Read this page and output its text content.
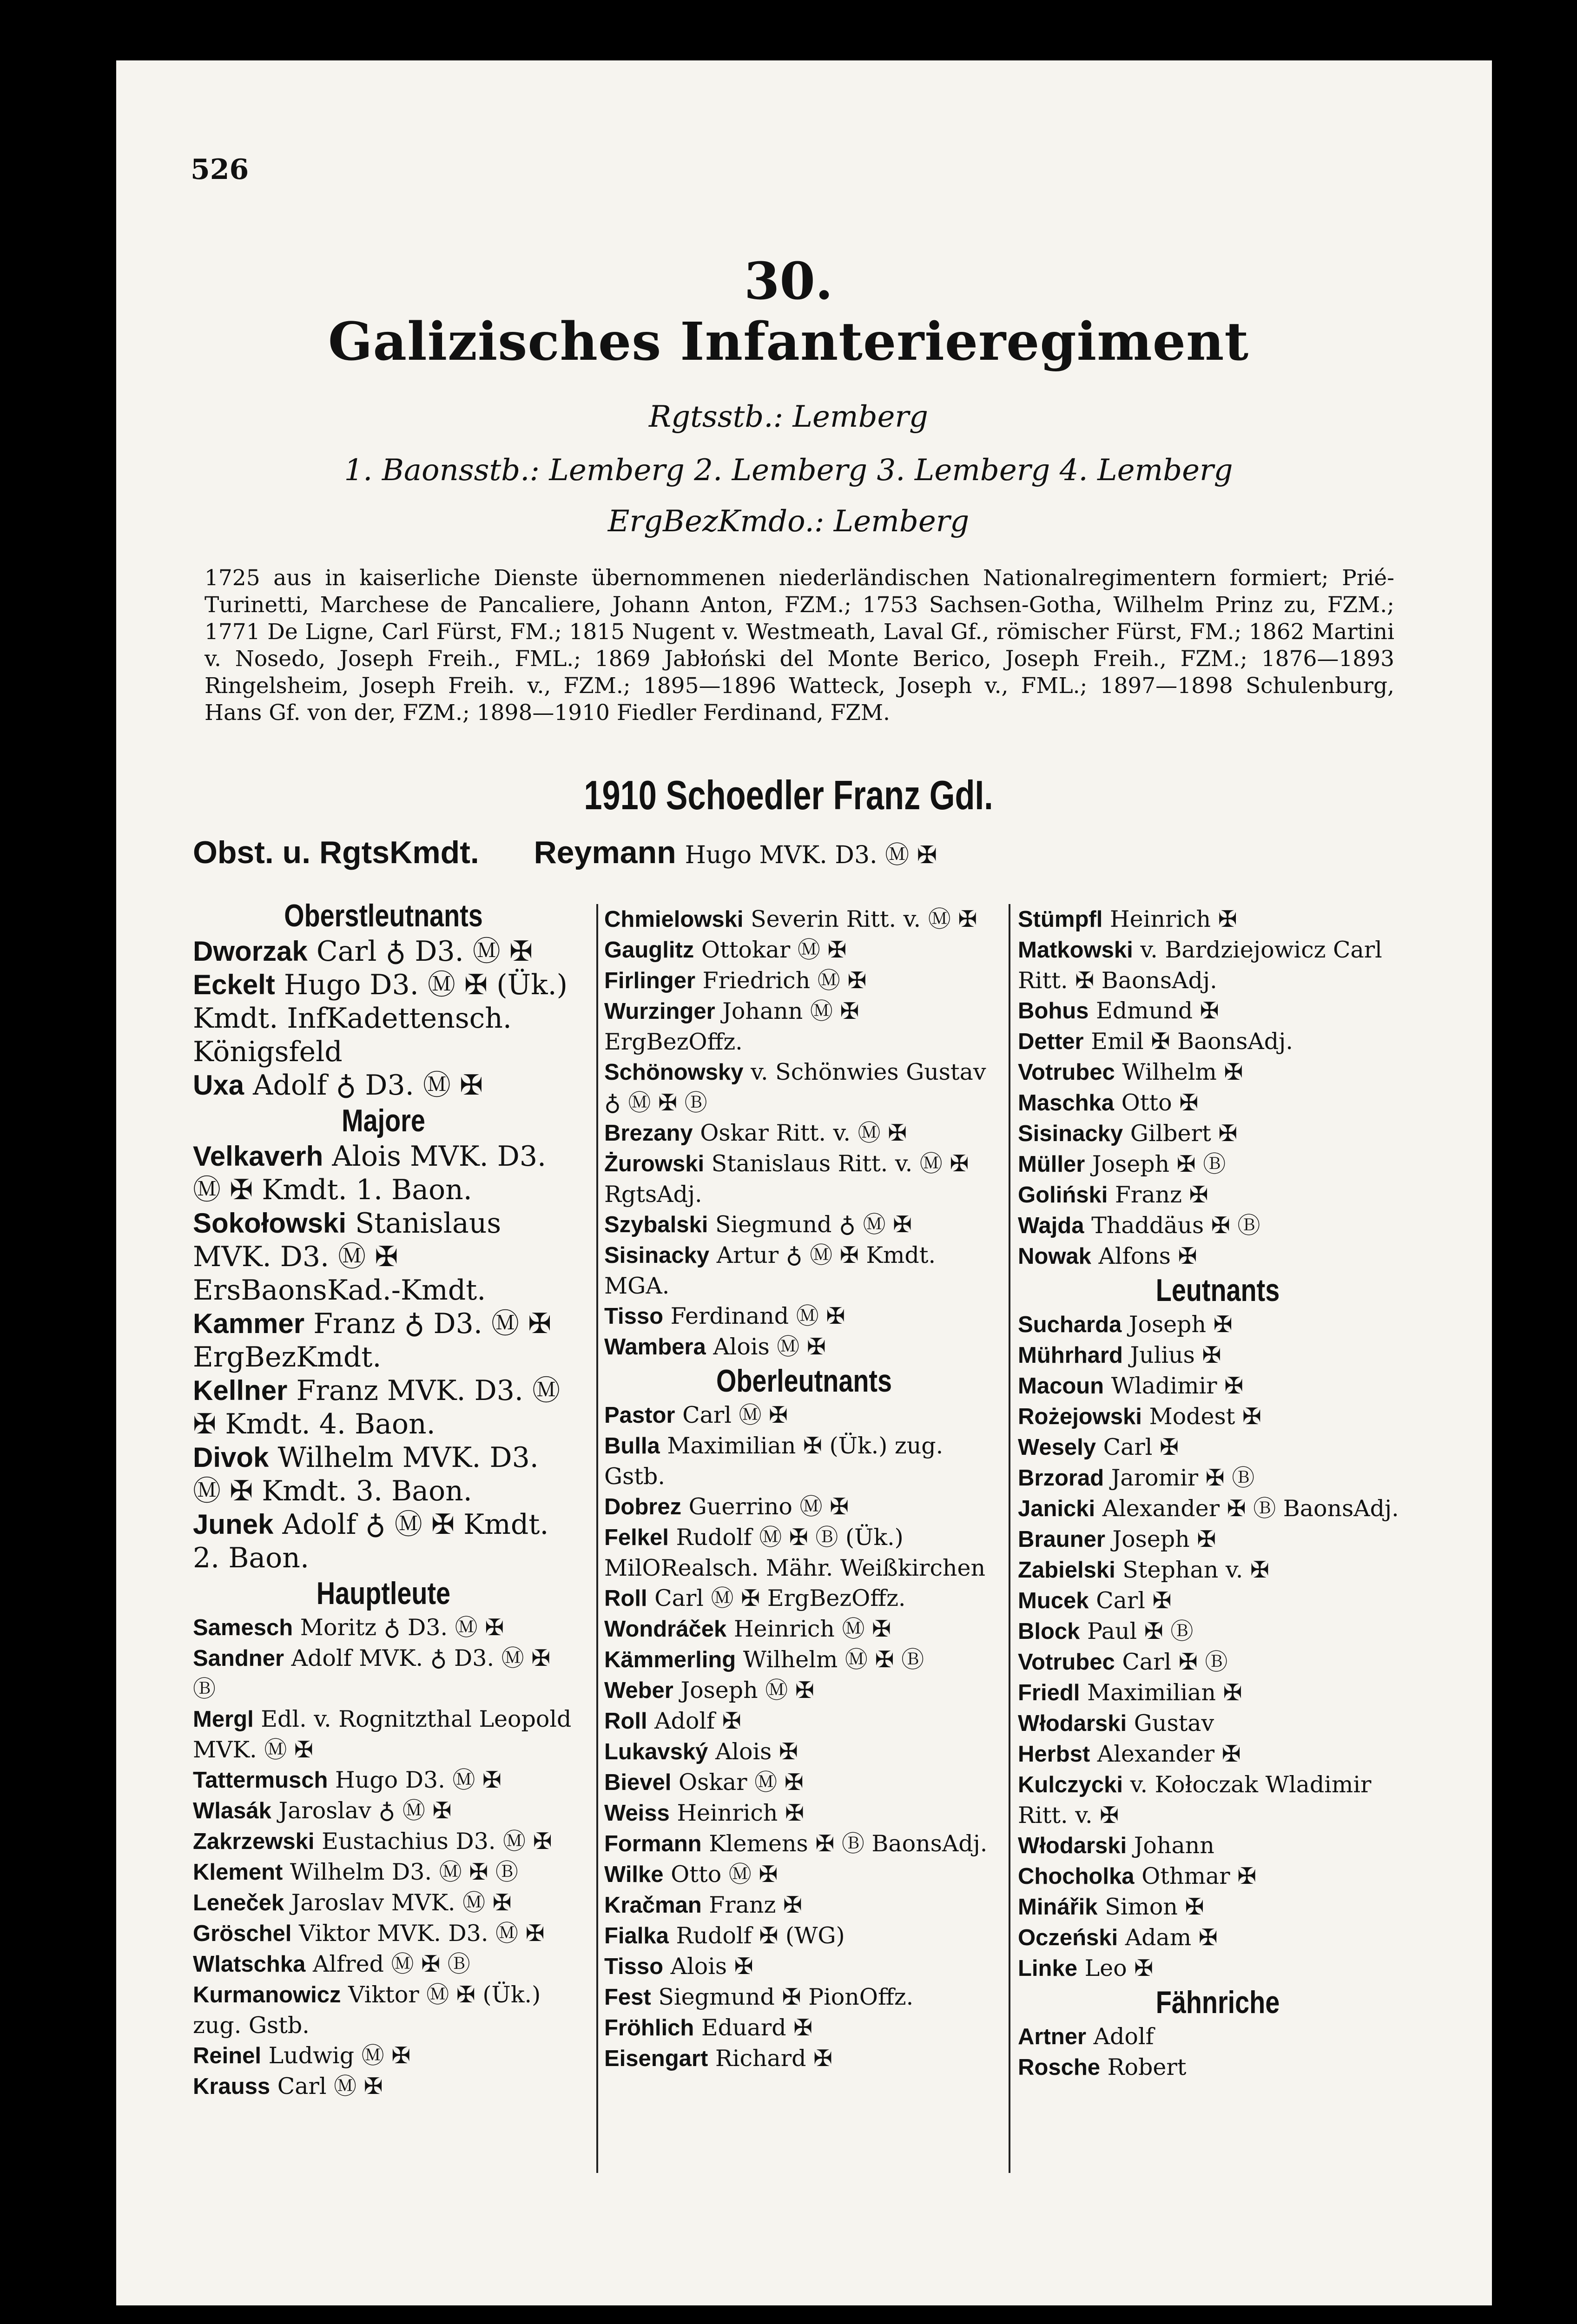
526
30.
Galizisches Infanterieregiment
Rgtsstb.: Lemberg
1. Baonsstb.: Lemberg 2. Lemberg 3. Lemberg 4. Lemberg
ErgBezKmdo.: Lemberg
1725 aus in kaiserliche Dienste übernommenen niederländischen Nationalregimentern formiert; Prié-Turinetti, Marchese de Pancaliere, Johann Anton, FZM.; 1753 Sachsen-Gotha, Wilhelm Prinz zu, FZM.; 1771 De Ligne, Carl Fürst, FM.; 1815 Nugent v. Westmeath, Laval Gf., römischer Fürst, FM.; 1862 Martini v. Nosedo, Joseph Freih., FML.; 1869 Jabłoński del Monte Berico, Joseph Freih., FZM.; 1876—1893 Ringelsheim, Joseph Freih. v., FZM.; 1895—1896 Watteck, Joseph v., FML.; 1897—1898 Schulenburg, Hans Gf. von der, FZM.; 1898—1910 Fiedler Ferdinand, FZM.
1910 Schoedler Franz GdI.
Obst. u. RgtsKmdt. Reymann Hugo MVK. D3. Ⓜ ✠
Oberstleutnants
Dworzak Carl ♁ D3. Ⓜ ✠
Eckelt Hugo D3. Ⓜ ✠ (Ük.) Kmdt. InfKadettensch. Königsfeld
Uxa Adolf ♁ D3. Ⓜ ✠
Majore
Velkaverh Alois MVK. D3. Ⓜ ✠ Kmdt. 1. Baon.
Sokołowski Stanislaus MVK. D3. Ⓜ ✠ ErsBaonsKad.-Kmdt.
Kammer Franz ♁ D3. Ⓜ ✠ ErgBezKmdt.
Kellner Franz MVK. D3. Ⓜ ✠ Kmdt. 4. Baon.
Divok Wilhelm MVK. D3. Ⓜ ✠ Kmdt. 3. Baon.
Junek Adolf ♁ Ⓜ ✠ Kmdt. 2. Baon.
Hauptleute
Samesch Moritz ♁ D3. Ⓜ ✠
Sandner Adolf MVK. ♁ D3. Ⓜ ✠ Ⓑ
Mergl Edl. v. Rognitzthal Leopold MVK. Ⓜ ✠
Tattermusch Hugo D3. Ⓜ ✠
Wlasák Jaroslav ♁ Ⓜ ✠
Zakrzewski Eustachius D3. Ⓜ ✠
Klement Wilhelm D3. Ⓜ ✠ Ⓑ
Leneček Jaroslav MVK. Ⓜ ✠
Gröschel Viktor MVK. D3. Ⓜ ✠
Wlatschka Alfred Ⓜ ✠ Ⓑ
Kurmanowicz Viktor Ⓜ ✠ (Ük.) zug. Gstb.
Reinel Ludwig Ⓜ ✠
Krauss Carl Ⓜ ✠
Chmielowski Severin Ritt. v. Ⓜ ✠
Gauglitz Ottokar Ⓜ ✠
Firlinger Friedrich Ⓜ ✠
Wurzinger Johann Ⓜ ✠ ErgBezOffz.
Schönowsky v. Schönwies Gustav ♁ Ⓜ ✠ Ⓑ
Brezany Oskar Ritt. v. Ⓜ ✠
Żurowski Stanislaus Ritt. v. Ⓜ ✠ RgtsAdj.
Szybalski Siegmund ♁ Ⓜ ✠
Sisinacky Artur ♁ Ⓜ ✠ Kmdt. MGA.
Tisso Ferdinand Ⓜ ✠
Wambera Alois Ⓜ ✠
Oberleutnants
Pastor Carl Ⓜ ✠
Bulla Maximilian ✠ (Ük.) zug. Gstb.
Dobrez Guerrino Ⓜ ✠
Felkel Rudolf Ⓜ ✠ Ⓑ (Ük.) MilORealsch. Mähr. Weißkirchen
Roll Carl Ⓜ ✠ ErgBezOffz.
Wondráček Heinrich Ⓜ ✠
Kämmerling Wilhelm Ⓜ ✠ Ⓑ
Weber Joseph Ⓜ ✠
Roll Adolf ✠
Lukavský Alois ✠
Bievel Oskar Ⓜ ✠
Weiss Heinrich ✠
Formann Klemens ✠ Ⓑ BaonsAdj.
Wilke Otto Ⓜ ✠
Kračman Franz ✠
Fialka Rudolf ✠ (WG)
Tisso Alois ✠
Fest Siegmund ✠ PionOffz.
Fröhlich Eduard ✠
Eisengart Richard ✠
Stümpfl Heinrich ✠
Matkowski v. Bardziejowicz Carl Ritt. ✠ BaonsAdj.
Bohus Edmund ✠
Detter Emil ✠ BaonsAdj.
Votrubec Wilhelm ✠
Maschka Otto ✠
Sisinacky Gilbert ✠
Müller Joseph ✠ Ⓑ
Goliński Franz ✠
Wajda Thaddäus ✠ Ⓑ
Nowak Alfons ✠
Leutnants
Sucharda Joseph ✠
Mührhard Julius ✠
Macoun Wladimir ✠
Rożejowski Modest ✠
Wesely Carl ✠
Brzorad Jaromir ✠ Ⓑ
Janicki Alexander ✠ Ⓑ BaonsAdj.
Brauner Joseph ✠
Zabielski Stephan v. ✠
Mucek Carl ✠
Block Paul ✠ Ⓑ
Votrubec Carl ✠ Ⓑ
Friedl Maximilian ✠
Włodarski Gustav
Herbst Alexander ✠
Kulczycki v. Kołoczak Wladimir Ritt. v. ✠
Włodarski Johann
Chocholka Othmar ✠
Minářik Simon ✠
Oczeński Adam ✠
Linke Leo ✠
Fähnriche
Artner Adolf
Rosche Robert
